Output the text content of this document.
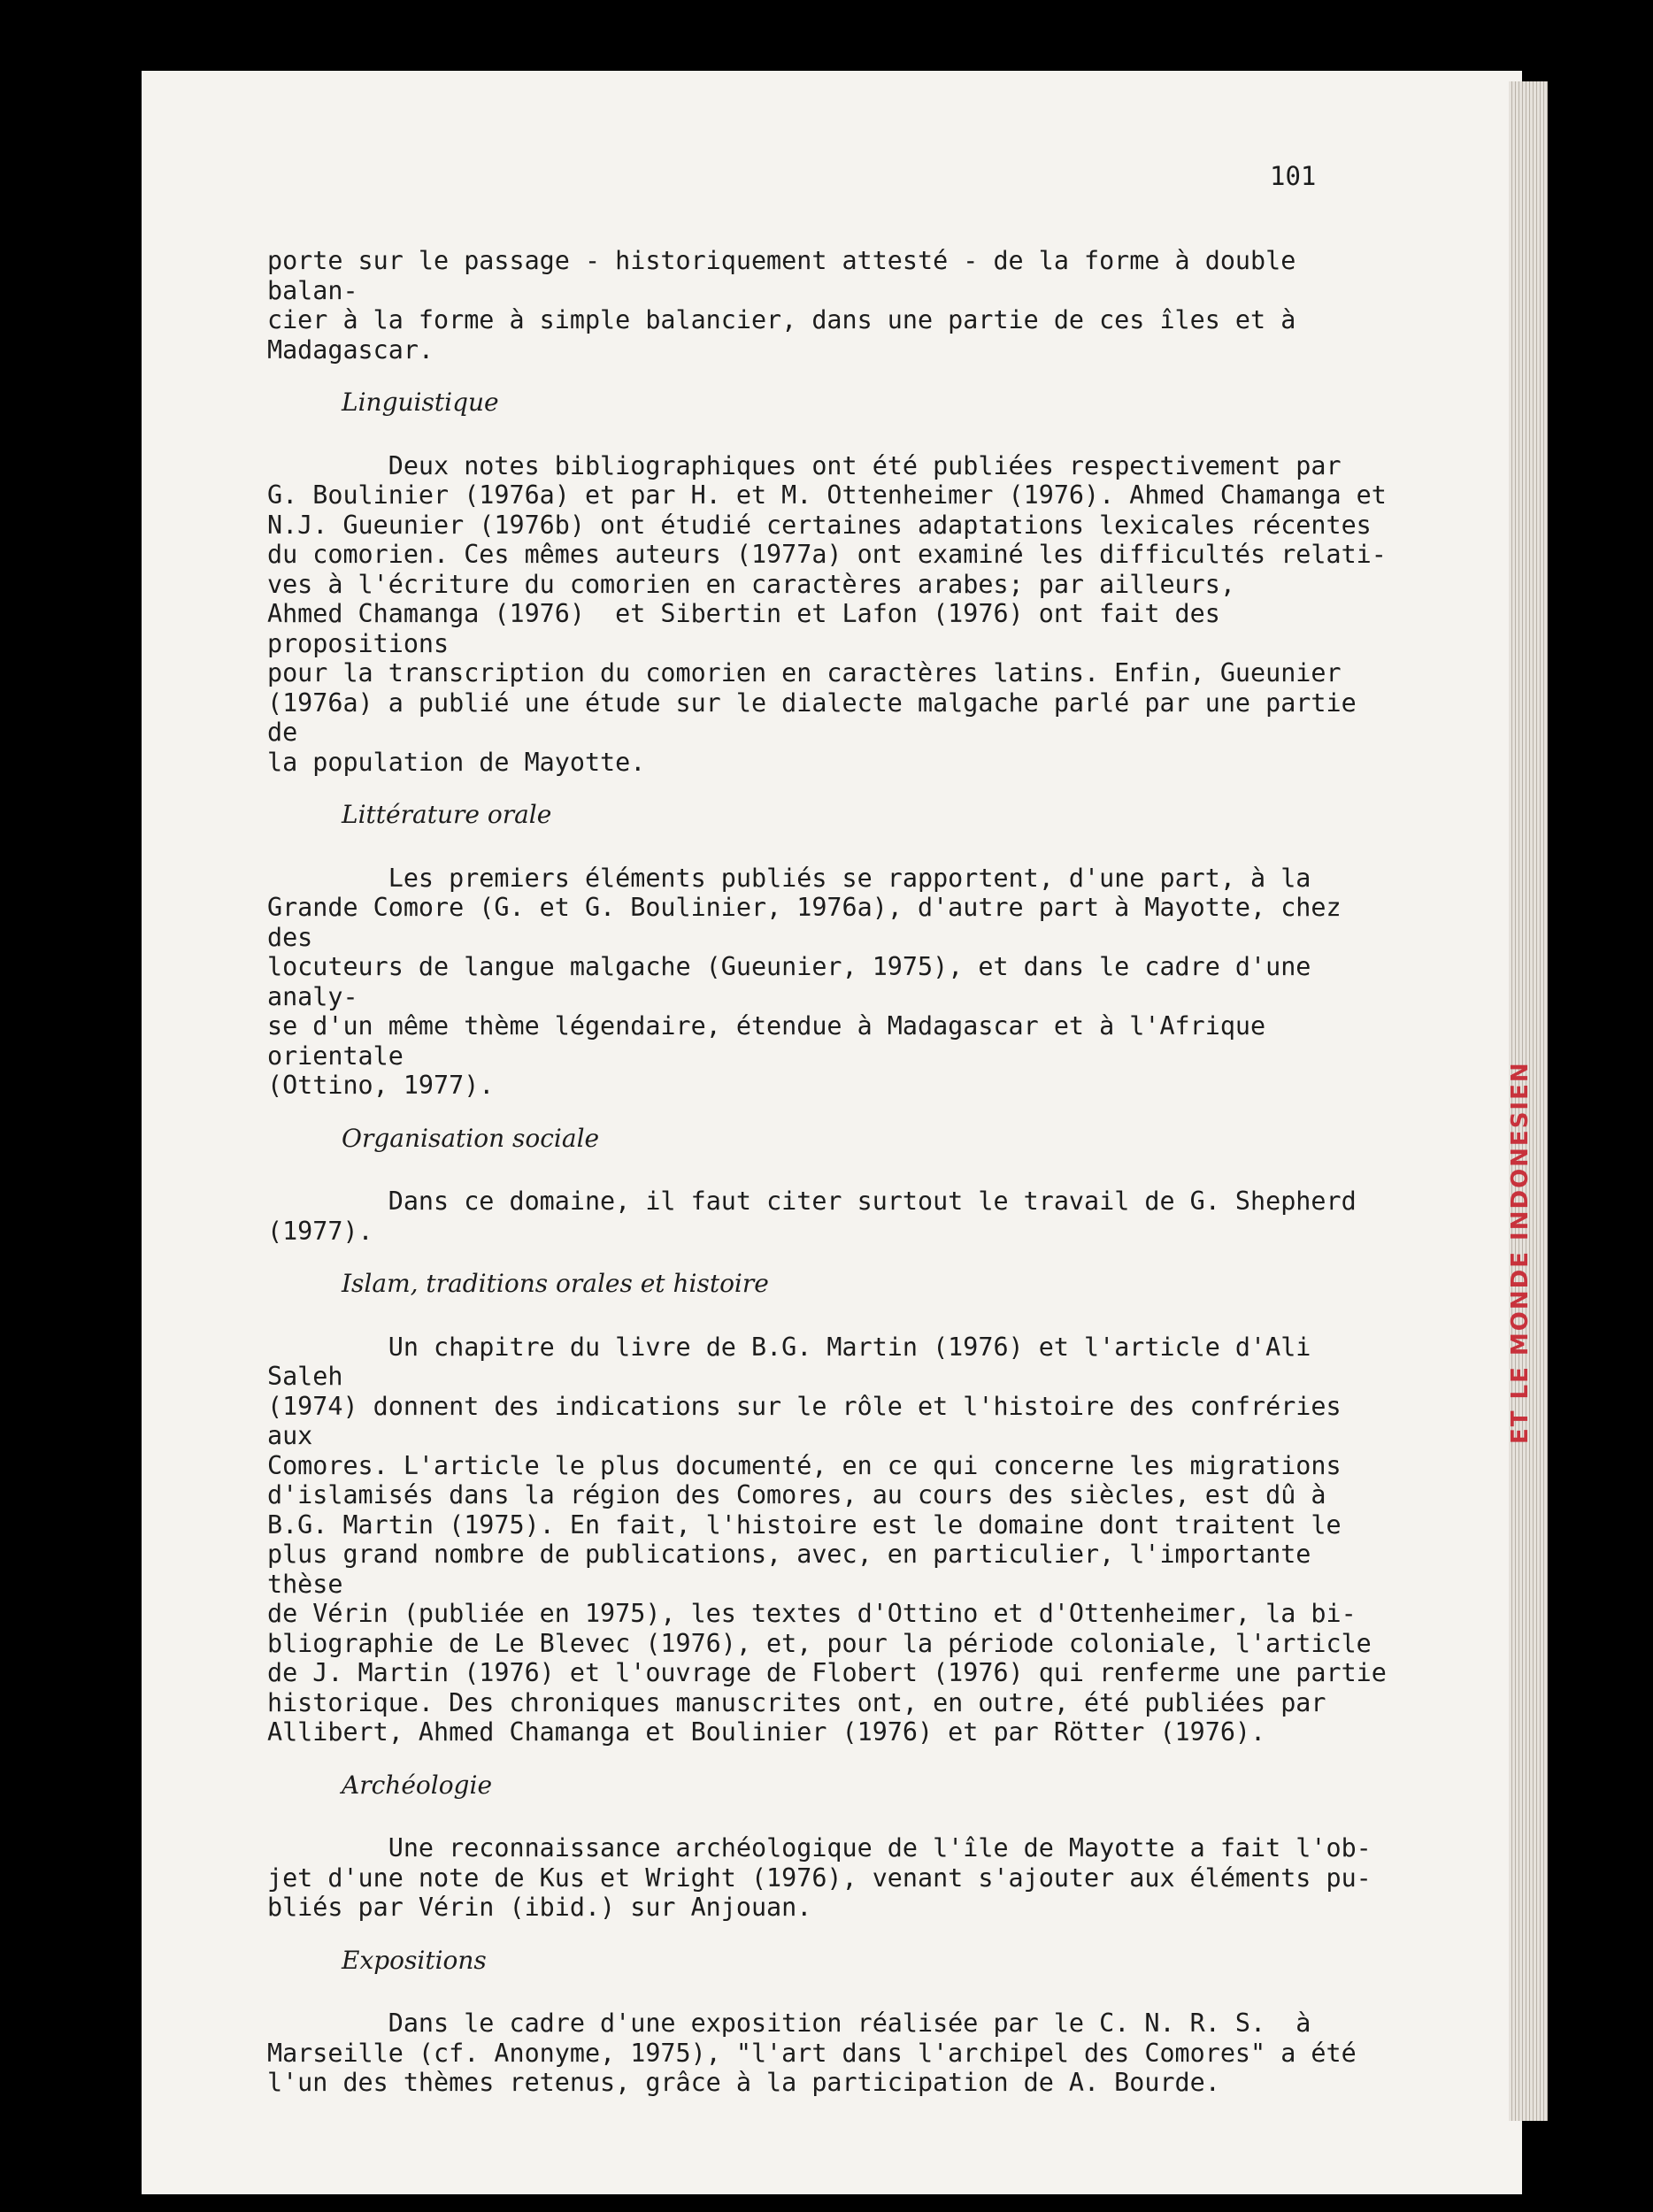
ET LE MONDE INDONESIEN
101

porte sur le passage - historiquement attesté - de la forme à double balan-
cier à la forme à simple balancier, dans une partie de ces îles et à
Madagascar.

Linguistique

Deux notes bibliographiques ont été publiées respectivement par
G. Boulinier (1976a) et par H. et M. Ottenheimer (1976). Ahmed Chamanga et
N.J. Gueunier (1976b) ont étudié certaines adaptations lexicales récentes
du comorien. Ces mêmes auteurs (1977a) ont examiné les difficultés relati-
ves à l'écriture du comorien en caractères arabes; par ailleurs,
Ahmed Chamanga (1976)  et Sibertin et Lafon (1976) ont fait des propositions
pour la transcription du comorien en caractères latins. Enfin, Gueunier
(1976a) a publié une étude sur le dialecte malgache parlé par une partie de
la population de Mayotte.

Littérature orale

Les premiers éléments publiés se rapportent, d'une part, à la
Grande Comore (G. et G. Boulinier, 1976a), d'autre part à Mayotte, chez des
locuteurs de langue malgache (Gueunier, 1975), et dans le cadre d'une analy-
se d'un même thème légendaire, étendue à Madagascar et à l'Afrique orientale
(Ottino, 1977).

Organisation sociale

Dans ce domaine, il faut citer surtout le travail de G. Shepherd
(1977).

Islam, traditions orales et histoire

Un chapitre du livre de B.G. Martin (1976) et l'article d'Ali Saleh
(1974) donnent des indications sur le rôle et l'histoire des confréries aux
Comores. L'article le plus documenté, en ce qui concerne les migrations
d'islamisés dans la région des Comores, au cours des siècles, est dû à
B.G. Martin (1975). En fait, l'histoire est le domaine dont traitent le
plus grand nombre de publications, avec, en particulier, l'importante thèse
de Vérin (publiée en 1975), les textes d'Ottino et d'Ottenheimer, la bi-
bliographie de Le Blevec (1976), et, pour la période coloniale, l'article
de J. Martin (1976) et l'ouvrage de Flobert (1976) qui renferme une partie
historique. Des chroniques manuscrites ont, en outre, été publiées par
Allibert, Ahmed Chamanga et Boulinier (1976) et par Rötter (1976).

Archéologie

Une reconnaissance archéologique de l'île de Mayotte a fait l'ob-
jet d'une note de Kus et Wright (1976), venant s'ajouter aux éléments pu-
bliés par Vérin (ibid.) sur Anjouan.

Expositions

Dans le cadre d'une exposition réalisée par le C. N. R. S.  à
Marseille (cf. Anonyme, 1975), "l'art dans l'archipel des Comores" a été
l'un des thèmes retenus, grâce à la participation de A. Bourde.
